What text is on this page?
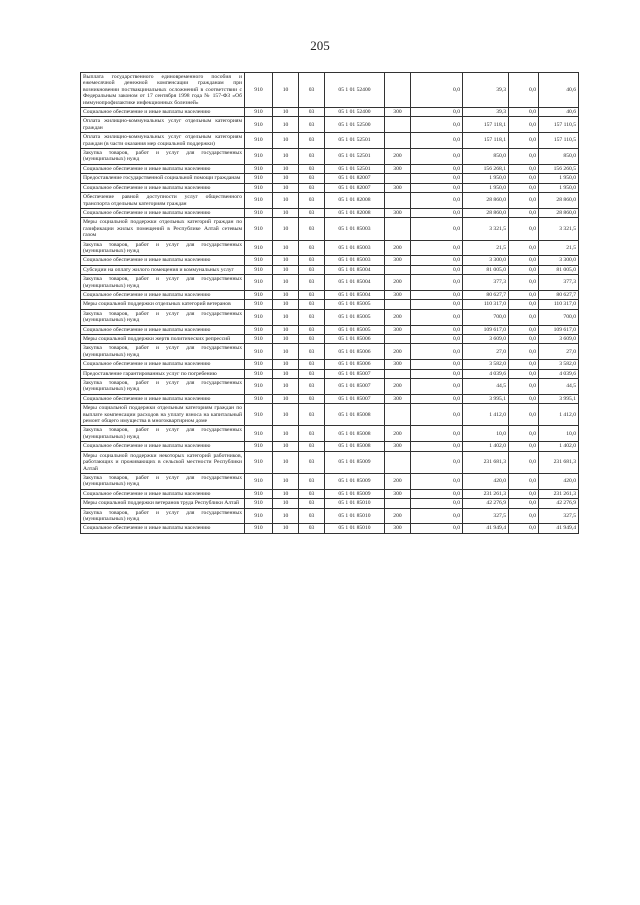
205
Выплата государственного единовременного пособия и ежемесячной денежной компенсации гражданам при возникновении поствакцинальных осложнений в соответствии с Федеральным законом от 17 сентября 1998 года № 157-ФЗ «Об иммунопрофилактике инфекционных болезней»	910	10	03	05 1 01 52400		0,0	39,3	0,0	40,6
Социальное обеспечение и иные выплаты населению	910	10	03	05 1 01 52400	300	0,0	39,3	0,0	40,6
Оплата жилищно-коммунальных услуг отдельным категориям граждан	910	10	03	05 1 01 52500		0,0	157 118,1	0,0	157 110,5
Оплата жилищно-коммунальных услуг отдельным категориям граждан (в части оказания мер социальной поддержки)	910	10	03	05 1 01 52501		0,0	157 118,1	0,0	157 110,5
Закупка товаров, работ и услуг для государственных (муниципальных) нужд	910	10	03	05 1 01 52501	200	0,0	850,0	0,0	850,0
Социальное обеспечение и иные выплаты населению	910	10	03	05 1 01 52501	300	0,0	156 268,1	0,0	156 260,5
Предоставление государственной социальной помощи гражданам	910	10	03	05 1 01 82007		0,0	1 950,0	0,0	1 950,0
Социальное обеспечение и иные выплаты населению	910	10	03	05 1 01 82007	300	0,0	1 950,0	0,0	1 950,0
Обеспечение равной доступности услуг общественного транспорта отдельным категориям граждан	910	10	03	05 1 01 82008		0,0	28 860,0	0,0	28 860,0
Социальное обеспечение и иные выплаты населению	910	10	03	05 1 01 82008	300	0,0	28 860,0	0,0	28 860,0
Меры социальной поддержки отдельных категорий граждан по газификации жилых помещений в Республике Алтай сетевым газом	910	10	03	05 1 01 85003		0,0	3 321,5	0,0	3 321,5
Закупка товаров, работ и услуг для государственных (муниципальных) нужд	910	10	03	05 1 01 85003	200	0,0	21,5	0,0	21,5
Социальное обеспечение и иные выплаты населению	910	10	03	05 1 01 85003	300	0,0	3 300,0	0,0	3 300,0
Субсидии на оплату жилого помещения и коммунальных услуг	910	10	03	05 1 01 85004		0,0	81 005,0	0,0	81 005,0
Закупка товаров, работ и услуг для государственных (муниципальных) нужд	910	10	03	05 1 01 85004	200	0,0	377,3	0,0	377,3
Социальное обеспечение и иные выплаты населению	910	10	03	05 1 01 85004	300	0,0	80 627,7	0,0	80 627,7
Меры социальной поддержки отдельных категорий ветеранов	910	10	03	05 1 01 85005		0,0	110 317,0	0,0	110 317,0
Закупка товаров, работ и услуг для государственных (муниципальных) нужд	910	10	03	05 1 01 85005	200	0,0	700,0	0,0	700,0
Социальное обеспечение и иные выплаты населению	910	10	03	05 1 01 85005	300	0,0	109 617,0	0,0	109 617,0
Меры социальной поддержки жертв политических репрессий	910	10	03	05 1 01 85006		0,0	3 609,0	0,0	3 609,0
Закупка товаров, работ и услуг для государственных (муниципальных) нужд	910	10	03	05 1 01 85006	200	0,0	27,0	0,0	27,0
Социальное обеспечение и иные выплаты населению	910	10	03	05 1 01 85006	300	0,0	3 582,0	0,0	3 582,0
Предоставление гарантированных услуг по погребению	910	10	03	05 1 01 85007		0,0	4 039,6	0,0	4 039,6
Закупка товаров, работ и услуг для государственных (муниципальных) нужд	910	10	03	05 1 01 85007	200	0,0	44,5	0,0	44,5
Социальное обеспечение и иные выплаты населению	910	10	03	05 1 01 85007	300	0,0	3 995,1	0,0	3 995,1
Меры социальной поддержки отдельным категориям граждан по выплате компенсации расходов на уплату взноса на капитальный ремонт общего имущества в многоквартирном доме	910	10	03	05 1 01 85008		0,0	1 412,0	0,0	1 412,0
Закупка товаров, работ и услуг для государственных (муниципальных) нужд	910	10	03	05 1 01 85008	200	0,0	10,0	0,0	10,0
Социальное обеспечение и иные выплаты населению	910	10	03	05 1 01 85008	300	0,0	1 402,0	0,0	1 402,0
Меры социальной поддержки некоторых категорий работников, работающих и проживающих в сельской местности Республики Алтай	910	10	03	05 1 01 85009		0,0	231 681,3	0,0	231 681,3
Закупка товаров, работ и услуг для государственных (муниципальных) нужд	910	10	03	05 1 01 85009	200	0,0	420,0	0,0	420,0
Социальное обеспечение и иные выплаты населению	910	10	03	05 1 01 85009	300	0,0	231 261,3	0,0	231 261,3
Меры социальной поддержки ветеранов труда Республики Алтай	910	10	03	05 1 01 85010		0,0	42 276,9	0,0	42 276,9
Закупка товаров, работ и услуг для государственных (муниципальных) нужд	910	10	03	05 1 01 85010	200	0,0	327,5	0,0	327,5
Социальное обеспечение и иные выплаты населению	910	10	03	05 1 01 85010	300	0,0	41 949,4	0,0	41 949,4
